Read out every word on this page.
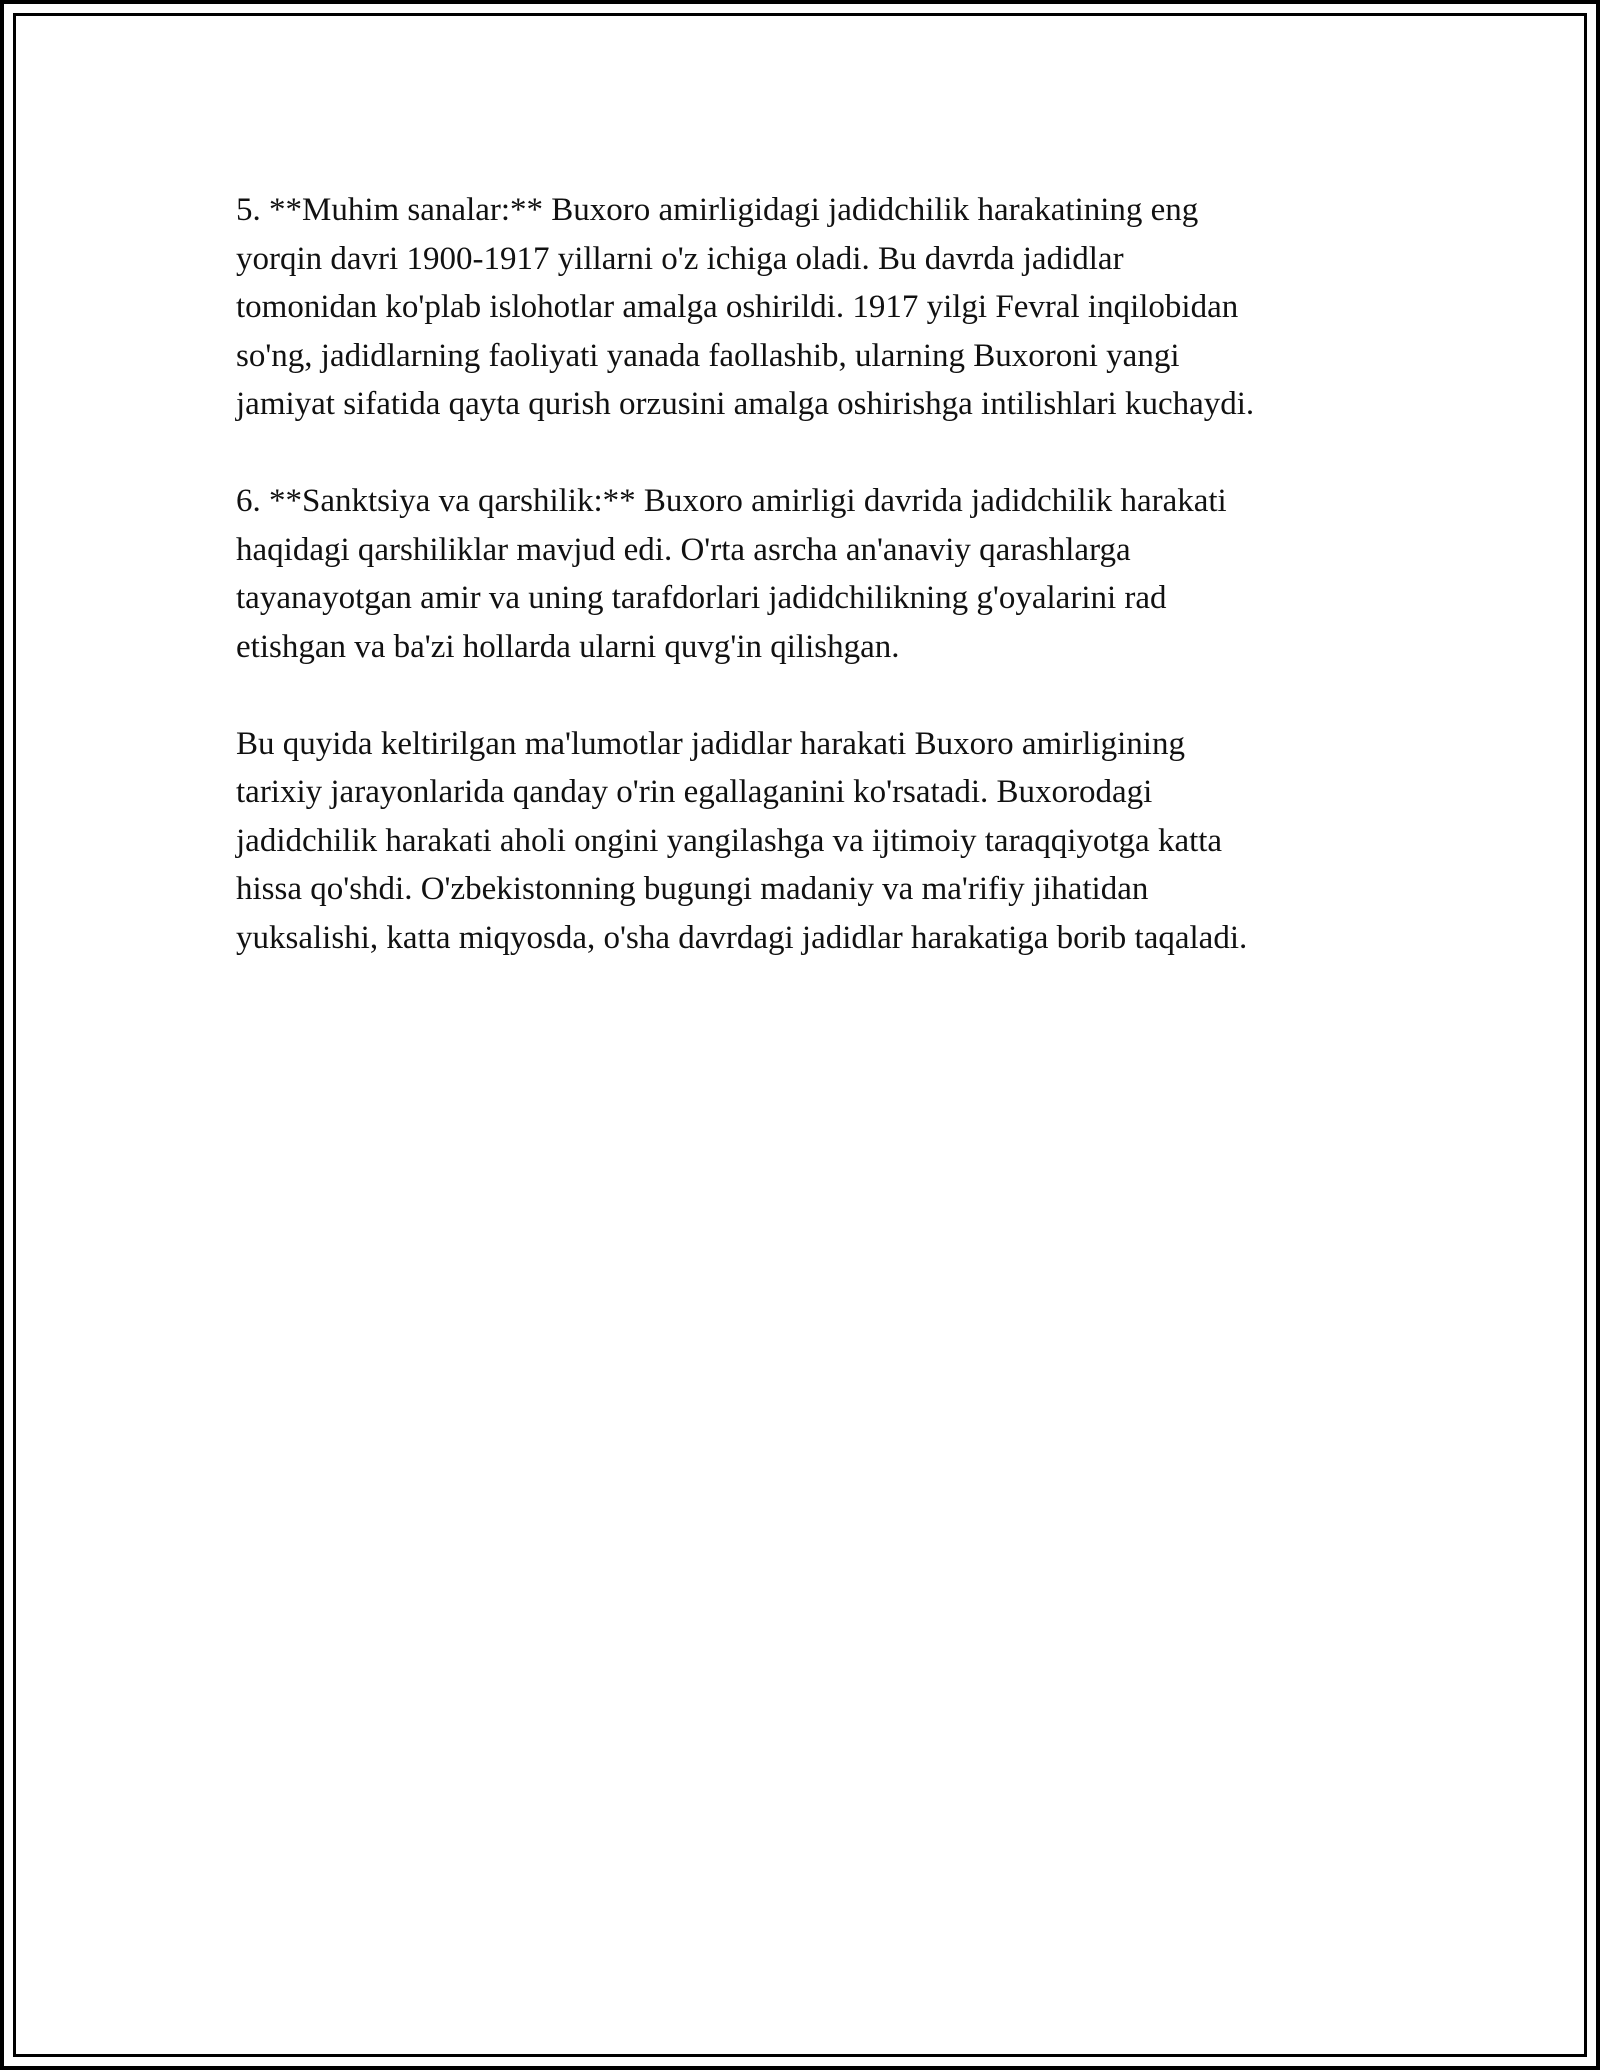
5. **Muhim sanalar:** Buxoro amirligidagi jadidchilik harakatining eng
yorqin davri 1900-1917 yillarni o'z ichiga oladi. Bu davrda jadidlar
tomonidan ko'plab islohotlar amalga oshirildi. 1917 yilgi Fevral inqilobidan
so'ng, jadidlarning faoliyati yanada faollashib, ularning Buxoroni yangi
jamiyat sifatida qayta qurish orzusini amalga oshirishga intilishlari kuchaydi.

6. **Sanktsiya va qarshilik:** Buxoro amirligi davrida jadidchilik harakati
haqidagi qarshiliklar mavjud edi. O'rta asrcha an'anaviy qarashlarga
tayanayotgan amir va uning tarafdorlari jadidchilikning g'oyalarini rad
etishgan va ba'zi hollarda ularni quvg'in qilishgan.

Bu quyida keltirilgan ma'lumotlar jadidlar harakati Buxoro amirligining
tarixiy jarayonlarida qanday o'rin egallaganini ko'rsatadi. Buxorodagi
jadidchilik harakati aholi ongini yangilashga va ijtimoiy taraqqiyotga katta
hissa qo'shdi. O'zbekistonning bugungi madaniy va ma'rifiy jihatidan
yuksalishi, katta miqyosda, o'sha davrdagi jadidlar harakatiga borib taqaladi.
